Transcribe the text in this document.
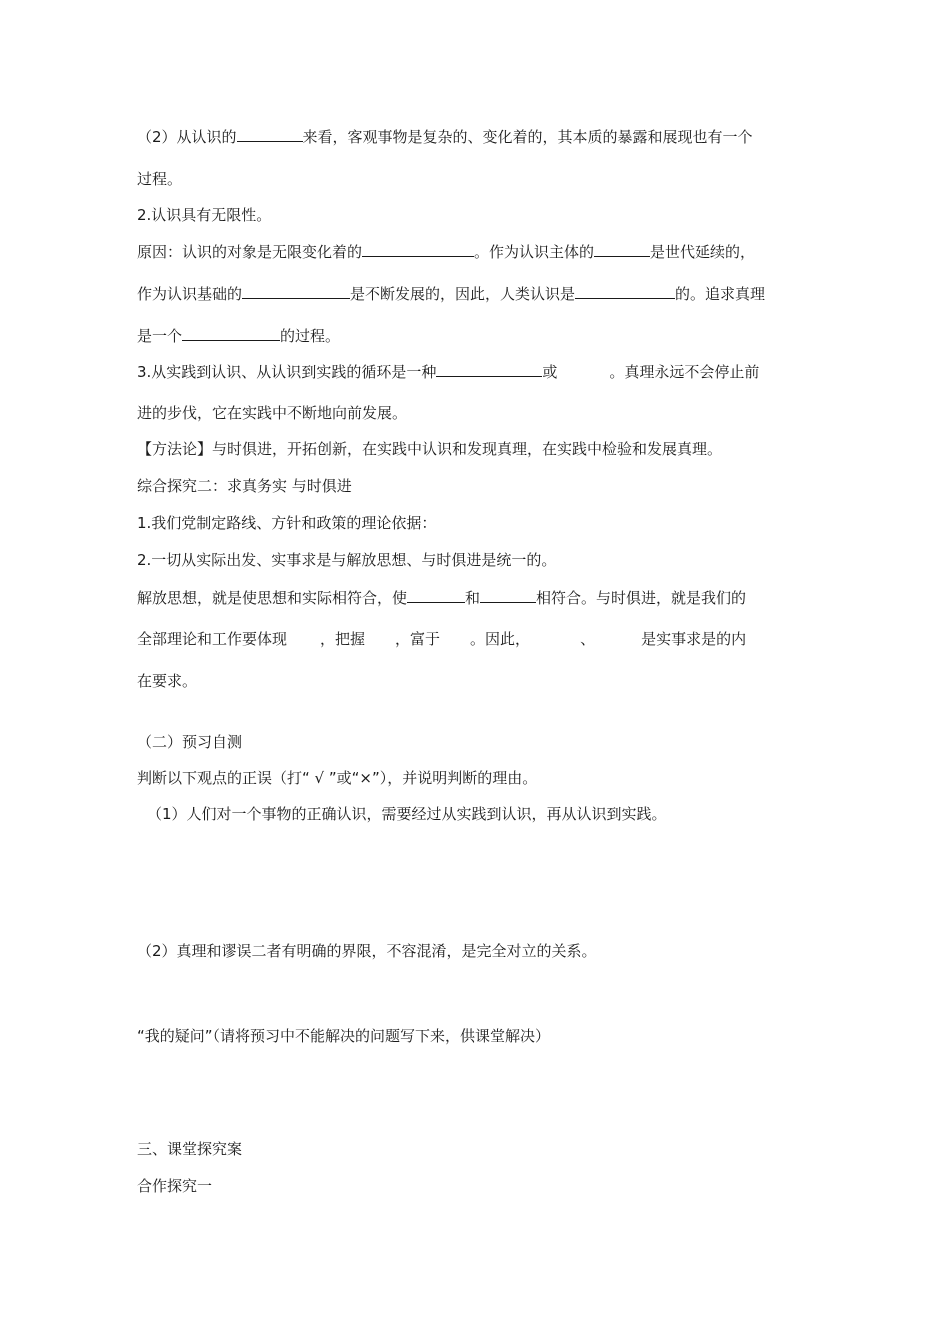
（2）从认识的	来看，客观事物是复杂的、变化着的，其本质的暴露和展现也有一个
过程。
2.认识具有无限性。
原因：认识的对象是无限变化着的	。作为认识主体的	是世代延续的，
作为认识基础的	是不断发展的，因此，人类认识是	的。追求真理
是一个	的过程。
3.从实践到认识、从认识到实践的循环是一种	或	。真理永远不会停止前
进的步伐，它在实践中不断地向前发展。
【方法论】与时俱进，开拓创新，在实践中认识和发现真理，在实践中检验和发展真理。
综合探究二：求真务实 与时俱进
1.我们党制定路线、方针和政策的理论依据：
2.一切从实际出发、实事求是与解放思想、与时俱进是统一的。
解放思想，就是使思想和实际相符合，使	和	相符合。与时俱进，就是我们的
全部理论和工作要体现 ，把握 ，富于 。因此，	、	是实事求是的内
在要求。
（二）预习自测
判断以下观点的正误（打“ √ ”或“×”），并说明判断的理由。
（1）人们对一个事物的正确认识，需要经过从实践到认识，再从认识到实践。
（2）真理和谬误二者有明确的界限，不容混淆，是完全对立的关系。
“我的疑问”（请将预习中不能解决的问题写下来，供课堂解决）
三、课堂探究案
合作探究一
